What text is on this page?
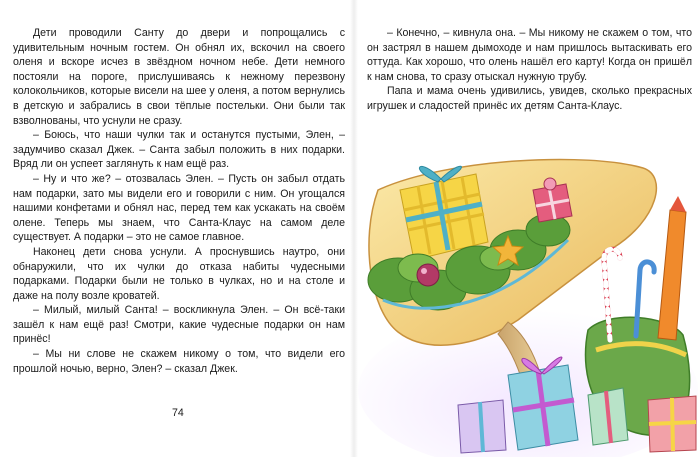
Дети проводили Санту до двери и попрощались с удивительным ночным гостем. Он обнял их, вскочил на своего оленя и вскоре исчез в звёздном ночном небе. Дети немного постояли на пороге, прислушиваясь к нежному перезвону колокольчиков, которые висели на шее у оленя, а потом вернулись в детскую и забрались в свои тёплые постельки. Они были так взволнованы, что уснули не сразу.

– Боюсь, что наши чулки так и останутся пустыми, Элен, – задумчиво сказал Джек. – Санта забыл положить в них подарки. Вряд ли он успеет заглянуть к нам ещё раз.

– Ну и что же? – отозвалась Элен. – Пусть он забыл отдать нам подарки, зато мы видели его и говорили с ним. Он угощался нашими конфетами и обнял нас, перед тем как ускакать на своём олене. Теперь мы знаем, что Санта-Клаус на самом деле существует. А подарки – это не самое главное.

Наконец дети снова уснули. А проснувшись наутро, они обнаружили, что их чулки до отказа набиты чудесными подарками. Подарки были не только в чулках, но и на столе и даже на полу возле кроватей.

– Милый, милый Санта! – воскликнула Элен. – Он всё-таки зашёл к нам ещё раз! Смотри, какие чудесные подарки он нам принёс!

– Мы ни слове не скажем никому о том, что видели его прошлой ночью, верно, Элен? – сказал Джек.

74

– Конечно, – кивнула она. – Мы никому не скажем о том, что он застрял в нашем дымоходе и нам пришлось вытаскивать его оттуда. Как хорошо, что олень нашёл его карту! Когда он пришёл к нам снова, то сразу отыскал нужную трубу.

Папа и мама очень удивились, увидев, сколько прекрасных игрушек и сладостей принёс их детям Санта-Клаус.
